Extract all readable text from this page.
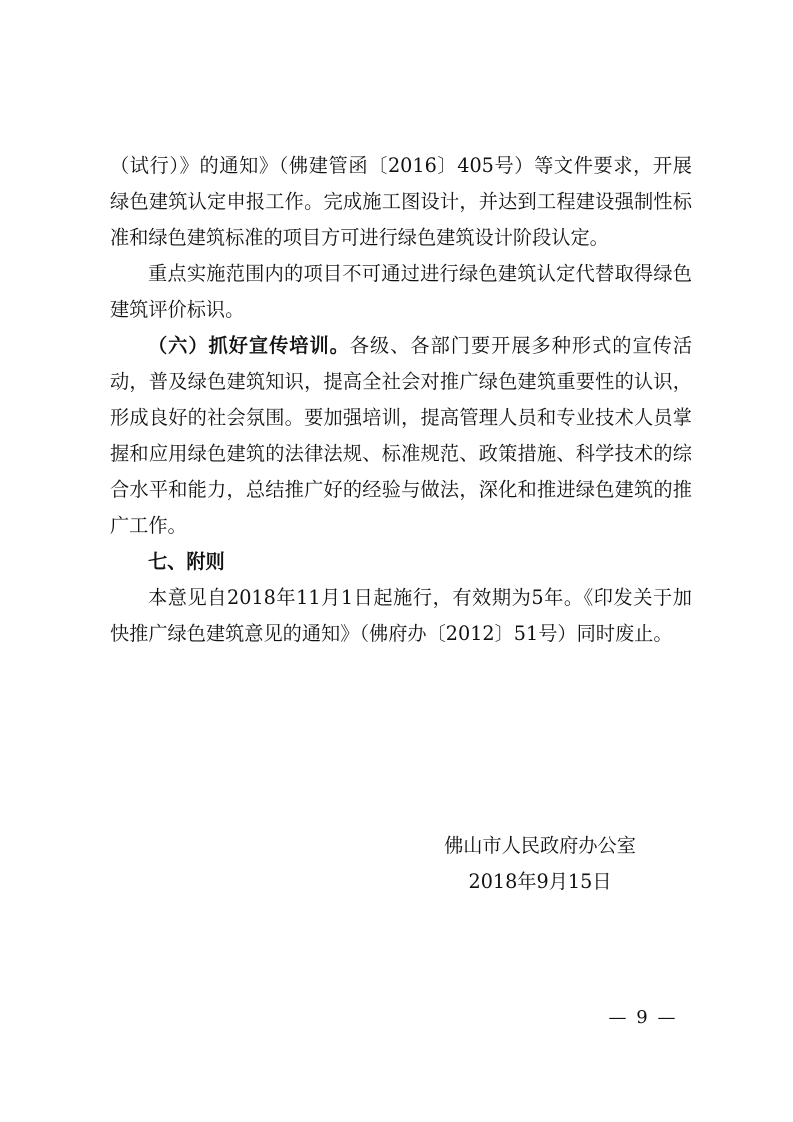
（试行）》的通知》（佛建管函〔2016〕405号）等文件要求，开展绿色建筑认定申报工作。完成施工图设计，并达到工程建设强制性标准和绿色建筑标准的项目方可进行绿色建筑设计阶段认定。

重点实施范围内的项目不可通过进行绿色建筑认定代替取得绿色建筑评价标识。

（六）抓好宣传培训。各级、各部门要开展多种形式的宣传活动，普及绿色建筑知识，提高全社会对推广绿色建筑重要性的认识，形成良好的社会氛围。要加强培训，提高管理人员和专业技术人员掌握和应用绿色建筑的法律法规、标准规范、政策措施、科学技术的综合水平和能力，总结推广好的经验与做法，深化和推进绿色建筑的推广工作。

七、附则

本意见自2018年11月1日起施行，有效期为5年。《印发关于加快推广绿色建筑意见的通知》（佛府办〔2012〕51号）同时废止。

佛山市人民政府办公室
2018年9月15日
— 9 —
